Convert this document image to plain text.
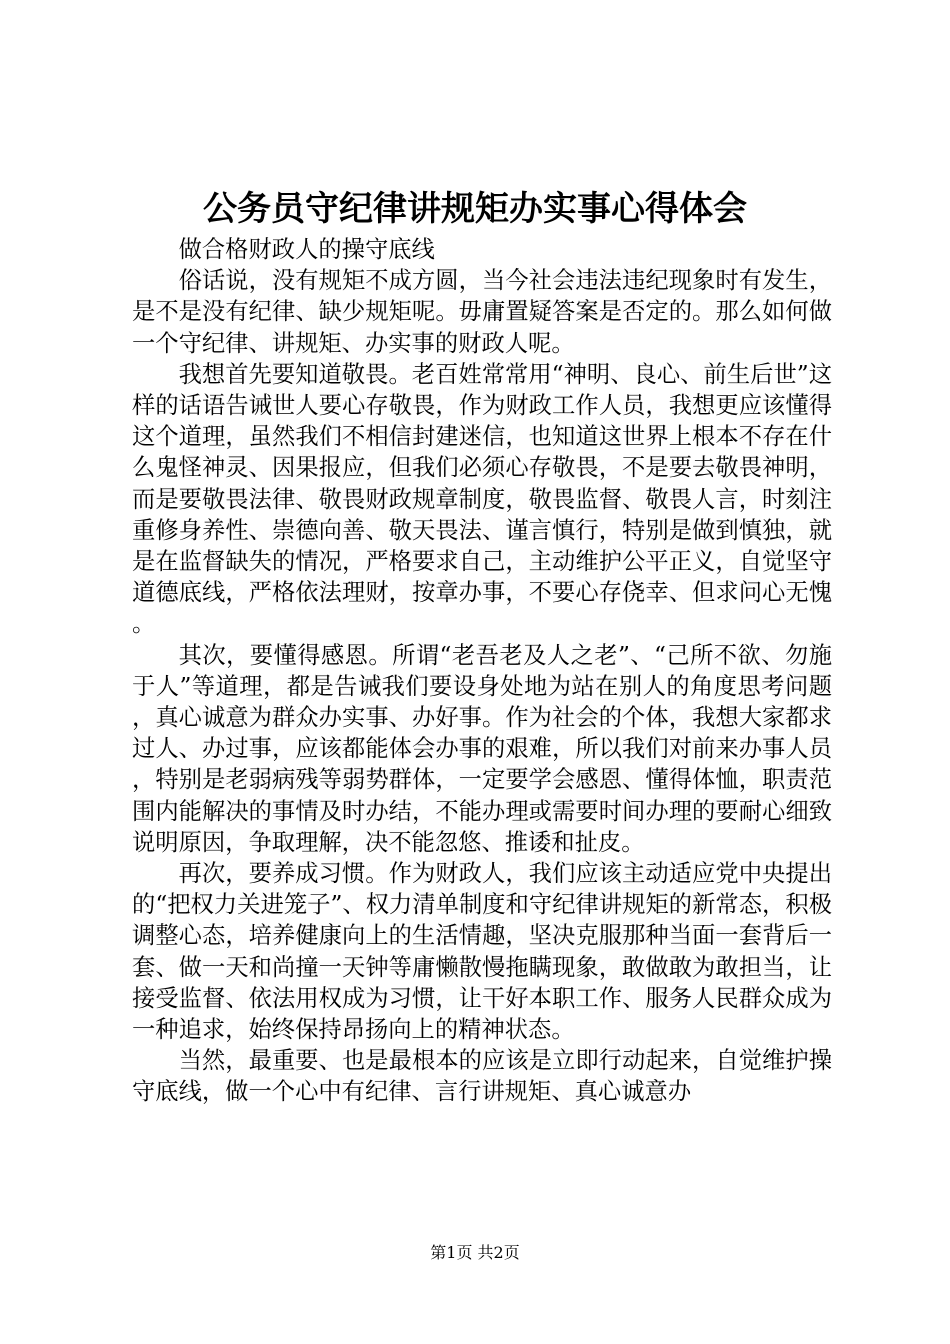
公务员守纪律讲规矩办实事心得体会

做合格财政人的操守底线

俗话说，没有规矩不成方圆，当今社会违法违纪现象时有发生，是不是没有纪律、缺少规矩呢。毋庸置疑答案是否定的。那么如何做一个守纪律、讲规矩、办实事的财政人呢。

我想首先要知道敬畏。老百姓常常用“神明、良心、前生后世”这样的话语告诫世人要心存敬畏，作为财政工作人员，我想更应该懂得这个道理，虽然我们不相信封建迷信，也知道这世界上根本不存在什么鬼怪神灵、因果报应，但我们必须心存敬畏，不是要去敬畏神明，而是要敬畏法律、敬畏财政规章制度，敬畏监督、敬畏人言，时刻注重修身养性、崇德向善、敬天畏法、谨言慎行，特别是做到慎独，就是在监督缺失的情况，严格要求自己，主动维护公平正义，自觉坚守道德底线，严格依法理财，按章办事，不要心存侥幸、但求问心无愧。

其次，要懂得感恩。所谓“老吾老及人之老”、“己所不欲、勿施于人”等道理，都是告诫我们要设身处地为站在别人的角度思考问题，真心诚意为群众办实事、办好事。作为社会的个体，我想大家都求过人、办过事，应该都能体会办事的艰难，所以我们对前来办事人员，特别是老弱病残等弱势群体，一定要学会感恩、懂得体恤，职责范围内能解决的事情及时办结，不能办理或需要时间办理的要耐心细致说明原因，争取理解，决不能忽悠、推诿和扯皮。

再次，要养成习惯。作为财政人，我们应该主动适应党中央提出的“把权力关进笼子”、权力清单制度和守纪律讲规矩的新常态，积极调整心态，培养健康向上的生活情趣，坚决克服那种当面一套背后一套、做一天和尚撞一天钟等庸懒散慢拖瞒现象，敢做敢为敢担当，让接受监督、依法用权成为习惯，让干好本职工作、服务人民群众成为一种追求，始终保持昂扬向上的精神状态。

当然，最重要、也是最根本的应该是立即行动起来，自觉维护操守底线，做一个心中有纪律、言行讲规矩、真心诚意办

第1页 共2页
